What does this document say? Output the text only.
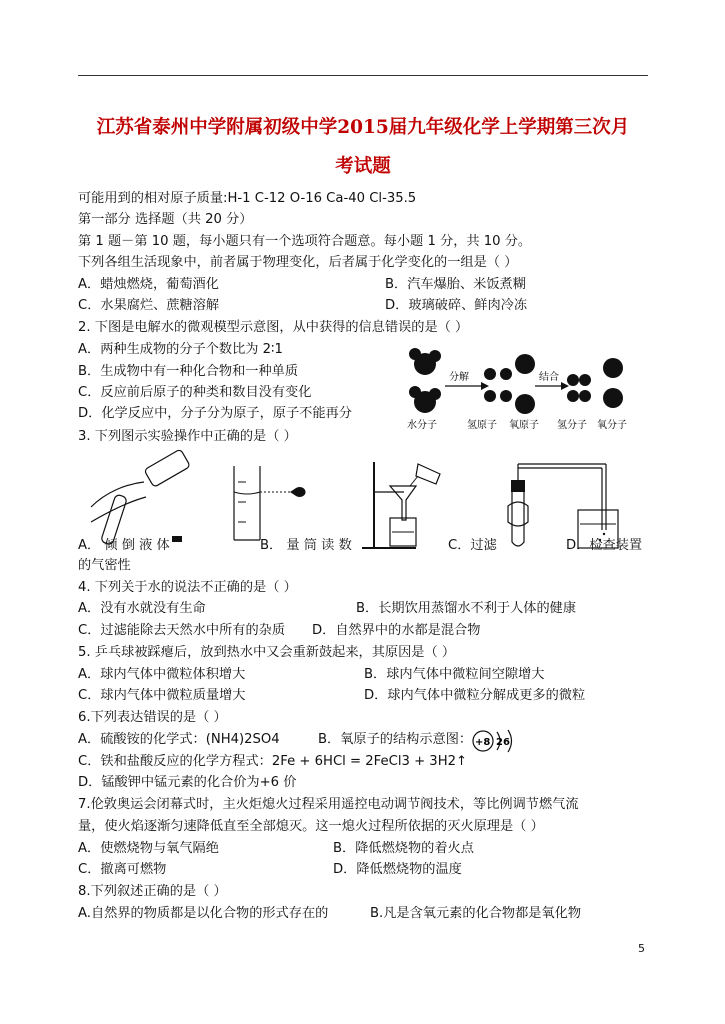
江苏省泰州中学附属初级中学2015届九年级化学上学期第三次月
考试题
可能用到的相对原子质量:H-1 C-12 O-16 Ca-40 Cl-35.5
第一部分 选择题（共 20 分）
第 1 题－第 10 题，每小题只有一个选项符合题意。每小题 1 分，共 10 分。
下列各组生活现象中，前者属于物理变化，后者属于化学变化的一组是（ ）
A．蜡烛燃烧，葡萄酒化	B．汽车爆胎、米饭煮糊
C．水果腐烂、蔗糖溶解	D．玻璃破碎、鲜肉冷冻
2. 下图是电解水的微观模型示意图，从中获得的信息错误的是（ ）
A．两种生成物的分子个数比为 2∶1
B．生成物中有一种化合物和一种单质
C．反应前后原子的种类和数目没有变化
D．化学反应中，分子分为原子，原子不能再分
分解	结合
水分子	氢原子 氧原子 氢分子 氧分子
3. 下列图示实验操作中正确的是（ ）
A． 倾 倒 液 体	B． 量 筒 读 数	C．过滤	D．检查装置
的气密性
4. 下列关于水的说法不正确的是（ ）
A．没有水就没有生命	B．长期饮用蒸馏水不利于人体的健康
C．过滤能除去天然水中所有的杂质 D．自然界中的水都是混合物
5. 乒乓球被踩瘪后，放到热水中又会重新鼓起来，其原因是（ ）
A．球内气体中微粒体积增大	B．球内气体中微粒间空隙增大
C．球内气体中微粒质量增大	D．球内气体中微粒分解成更多的微粒
6.下列表达错误的是（ ）
A．硫酸铵的化学式：(NH4)2SO4	B．氧原子的结构示意图： +8 26
C．铁和盐酸反应的化学方程式：2Fe + 6HCl = 2FeCl3 + 3H2↑
D．锰酸钾中锰元素的化合价为+6 价
7.伦敦奥运会闭幕式时，主火炬熄火过程采用遥控电动调节阀技术，等比例调节燃气流
量，使火焰逐渐匀速降低直至全部熄灭。这一熄火过程所依据的灭火原理是（ ）
A．使燃烧物与氧气隔绝	B．降低燃烧物的着火点
C．撤离可燃物	D．降低燃烧物的温度
8.下列叙述正确的是（ ）
A.自然界的物质都是以化合物的形式存在的	B.凡是含氧元素的化合物都是氧化物
5
